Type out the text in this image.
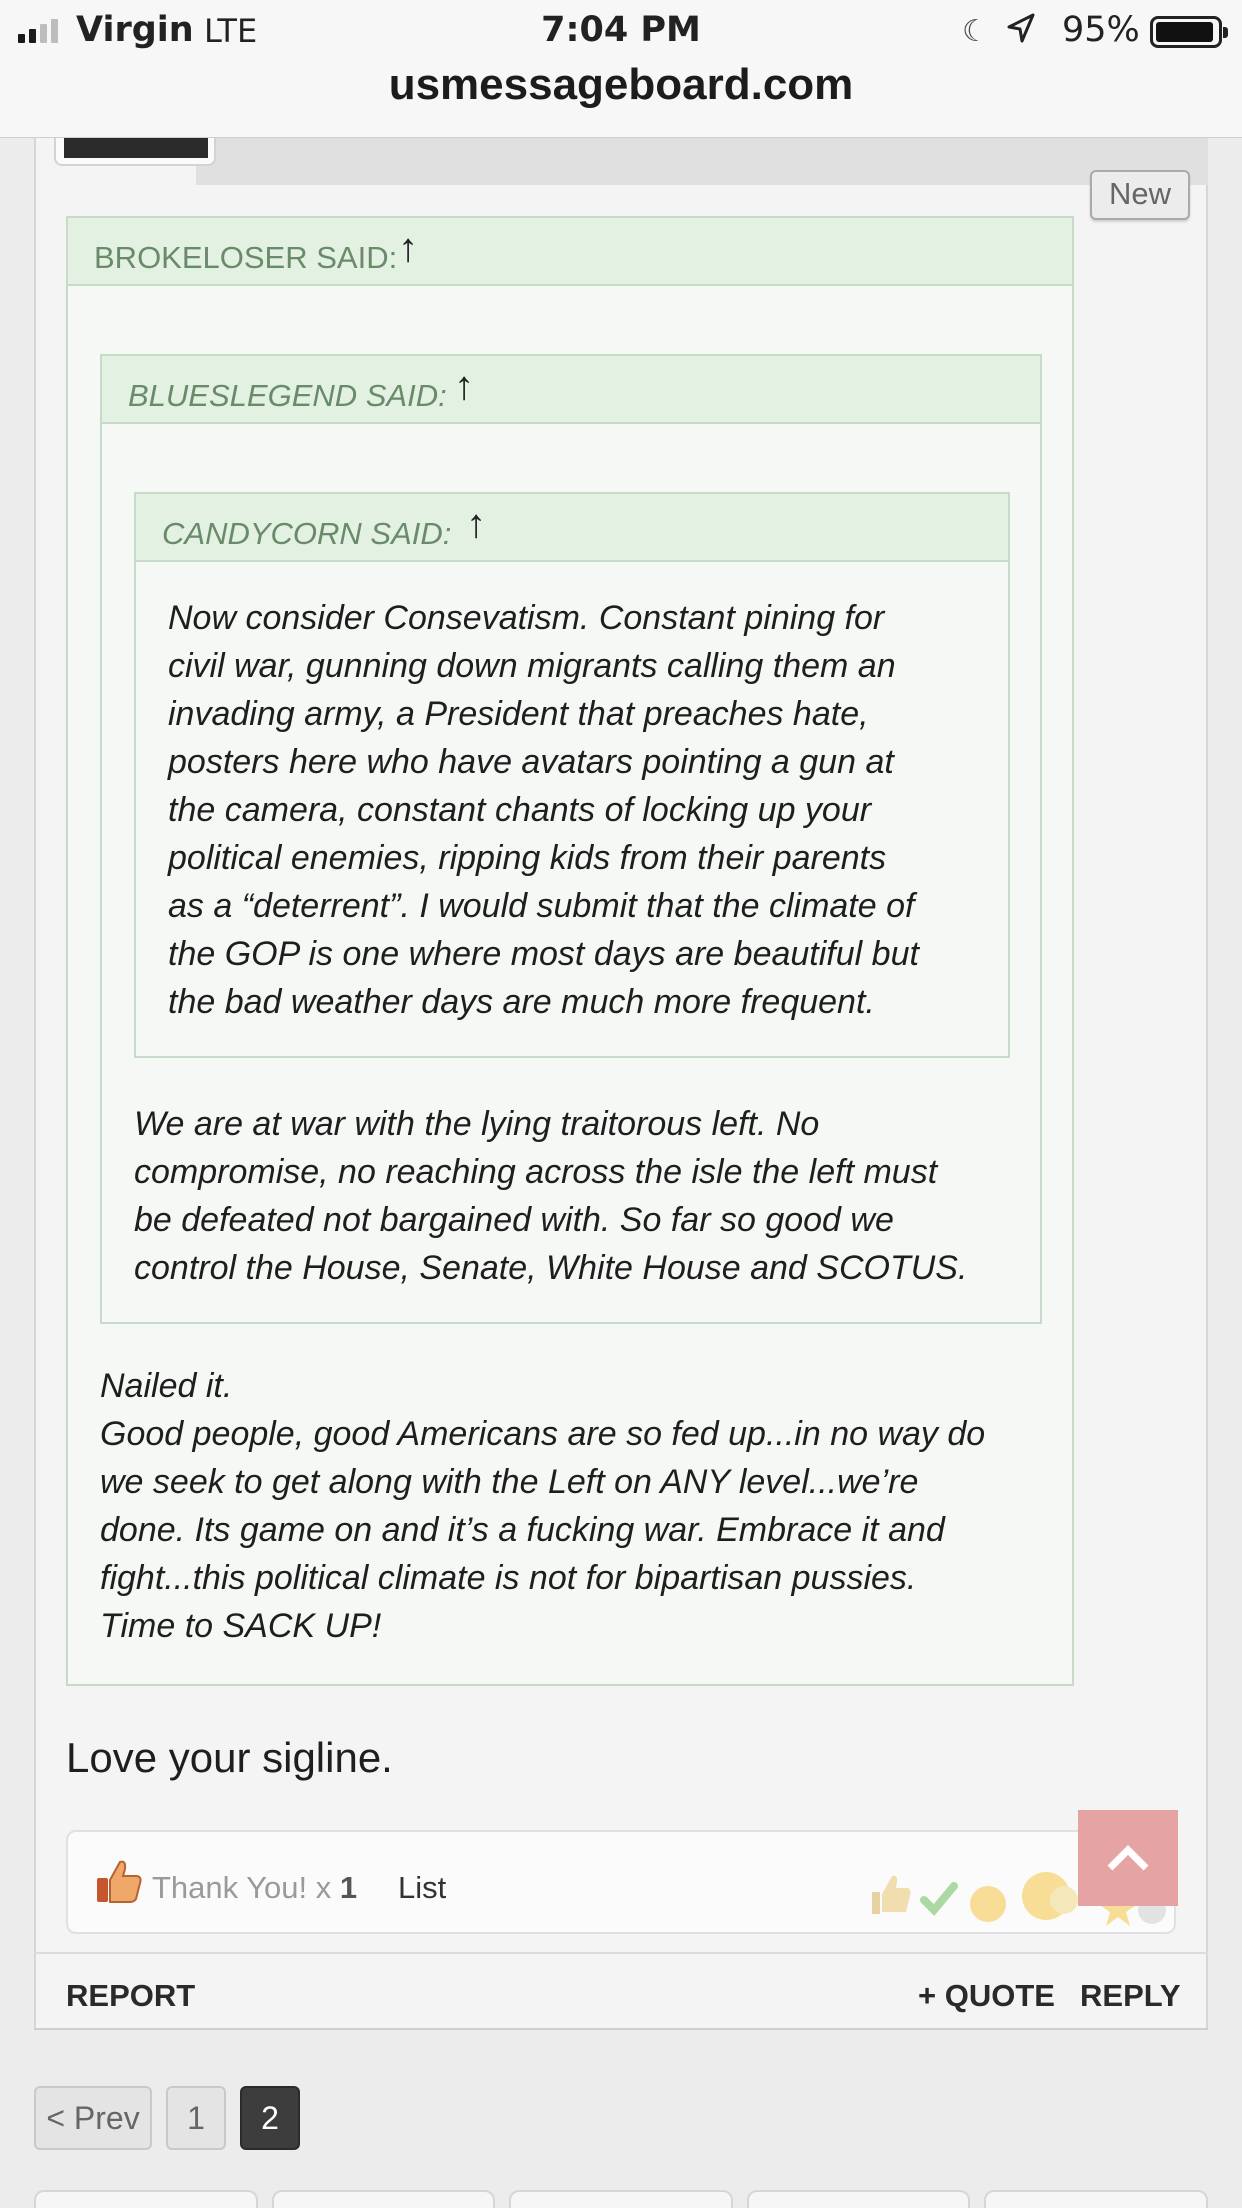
Virgin LTE	7:04 PM	☾ 95%
usmessageboard.com
New
BROKELOSER SAID: ↑
BLUESLEGEND SAID: ↑
CANDYCORN SAID: ↑
Now consider Consevatism. Constant pining for
civil war, gunning down migrants calling them an
invading army, a President that preaches hate,
posters here who have avatars pointing a gun at
the camera, constant chants of locking up your
political enemies, ripping kids from their parents
as a “deterrent”. I would submit that the climate of
the GOP is one where most days are beautiful but
the bad weather days are much more frequent.
We are at war with the lying traitorous left. No
compromise, no reaching across the isle the left must
be defeated not bargained with. So far so good we
control the House, Senate, White House and SCOTUS.
Nailed it.
Good people, good Americans are so fed up...in no way do
we seek to get along with the Left on ANY level...we’re
done. Its game on and it’s a fucking war. Embrace it and
fight...this political climate is not for bipartisan pussies.
Time to SACK UP!
Love your sigline.
Thank You! x 1 List
REPORT	+ QUOTE REPLY
< Prev	1	2
